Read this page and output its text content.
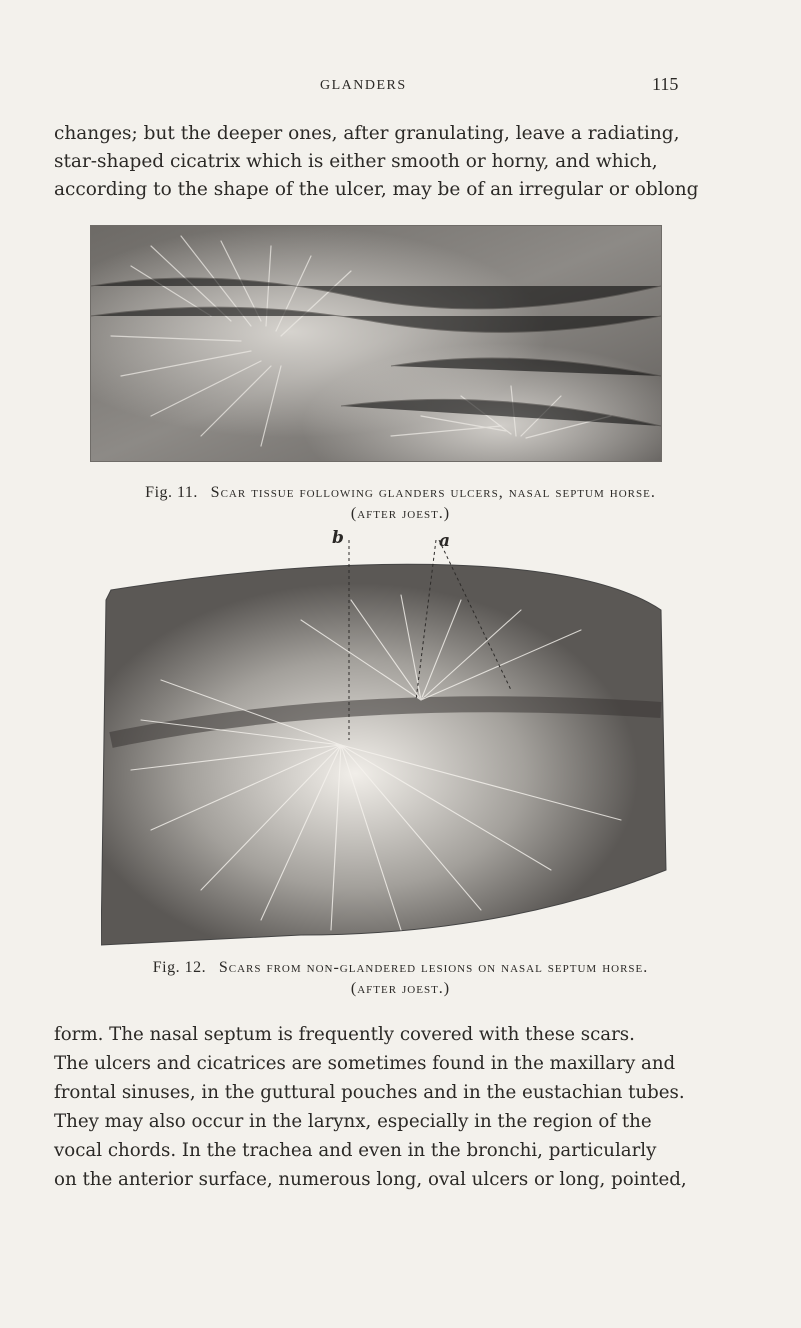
GLANDERS	115
changes; but the deeper ones, after granulating, leave a radiating,
star-shaped cicatrix which is either smooth or horny, and which,
according to the shape of the ulcer, may be of an irregular or oblong
Fig. 11. Scar tissue following glanders ulcers, nasal septum horse.
(after joest.)
b	a
Fig. 12. Scars from non-glandered lesions on nasal septum horse.
(after joest.)
form. The nasal septum is frequently covered with these scars.
The ulcers and cicatrices are sometimes found in the maxillary and
frontal sinuses, in the guttural pouches and in the eustachian tubes.
They may also occur in the larynx, especially in the region of the
vocal chords. In the trachea and even in the bronchi, particularly
on the anterior surface, numerous long, oval ulcers or long, pointed,
